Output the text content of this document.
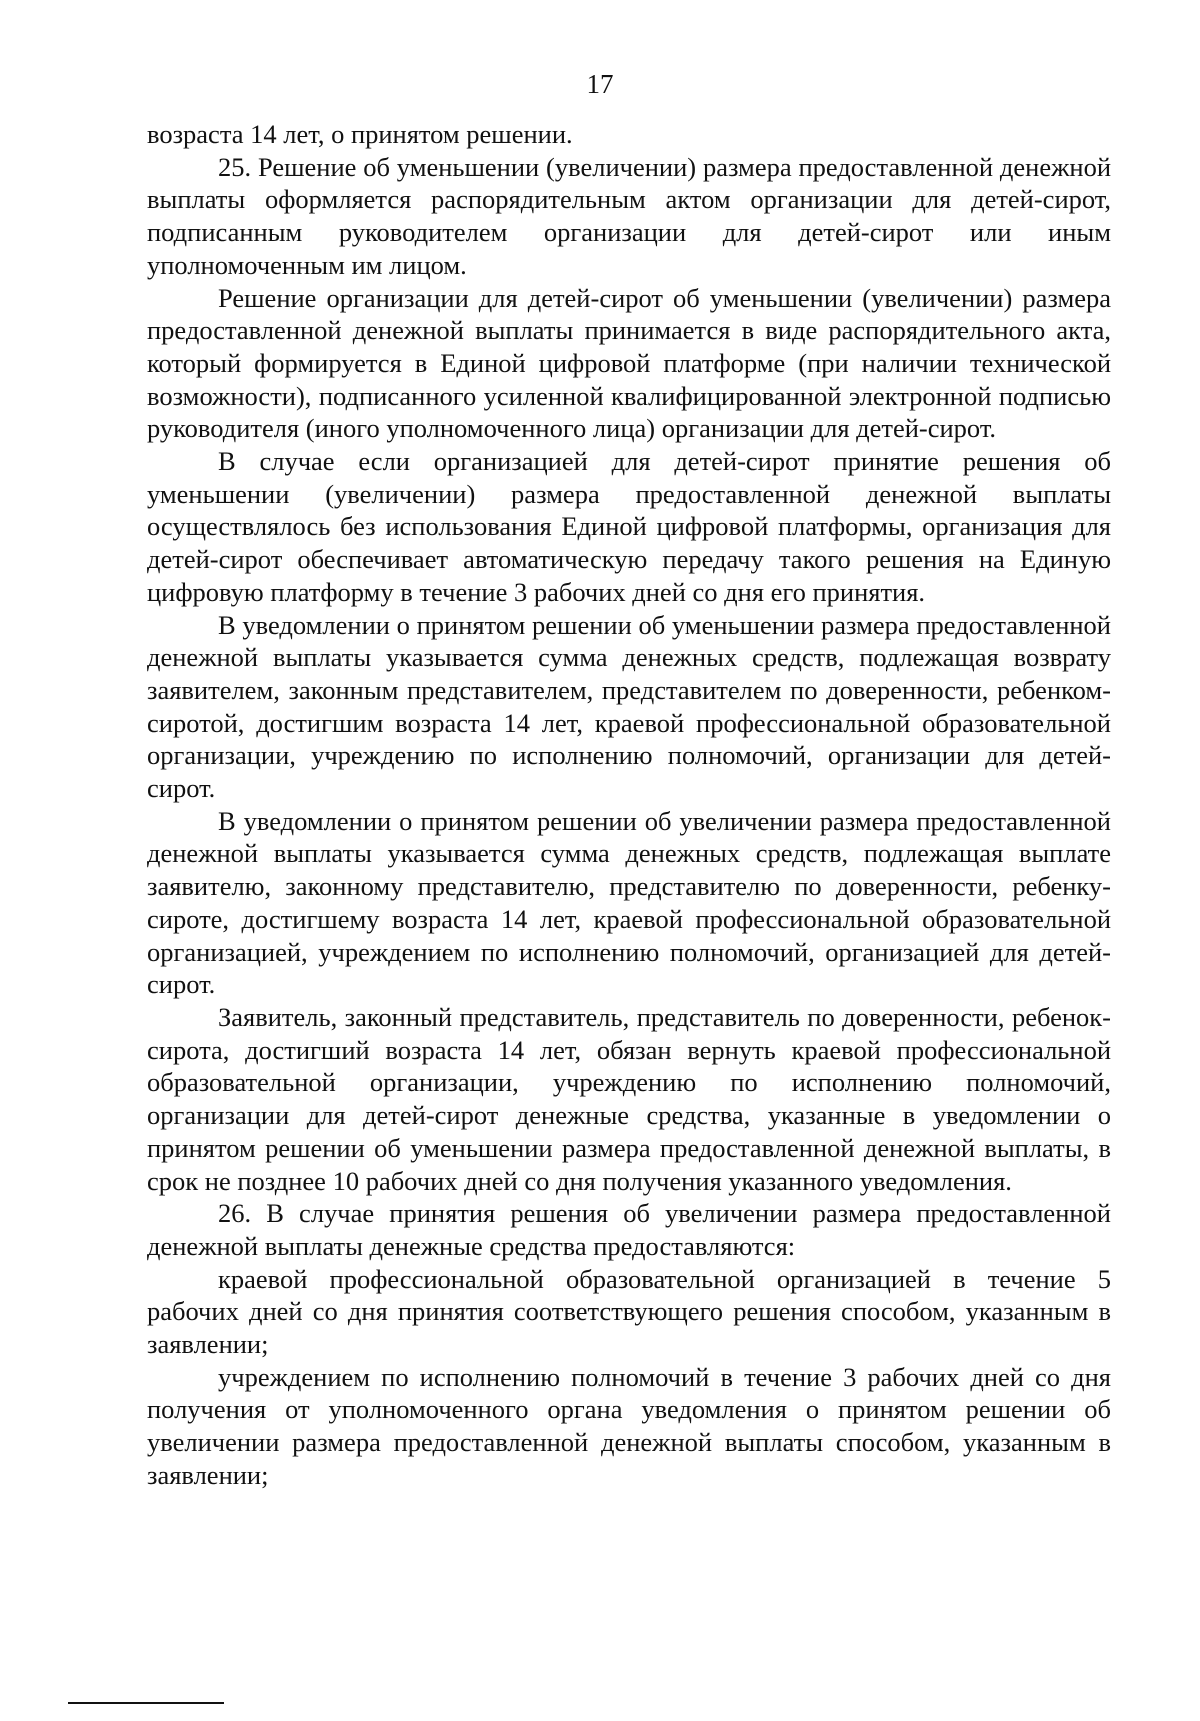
17

возраста 14 лет, о принятом решении.

25. Решение об уменьшении (увеличении) размера предоставленной денежной выплаты оформляется распорядительным актом организации для детей-сирот, подписанным руководителем организации для детей-сирот или иным уполномоченным им лицом.

Решение организации для детей-сирот об уменьшении (увеличении) размера предоставленной денежной выплаты принимается в виде распорядительного акта, который формируется в Единой цифровой платформе (при наличии технической возможности), подписанного усиленной квалифицированной электронной подписью руководителя (иного уполномоченного лица) организации для детей-сирот.

В случае если организацией для детей-сирот принятие решения об уменьшении (увеличении) размера предоставленной денежной выплаты осуществлялось без использования Единой цифровой платформы, организация для детей-сирот обеспечивает автоматическую передачу такого решения на Единую цифровую платформу в течение 3 рабочих дней со дня его принятия.

В уведомлении о принятом решении об уменьшении размера предоставленной денежной выплаты указывается сумма денежных средств, подлежащая возврату заявителем, законным представителем, представителем по доверенности, ребенком-сиротой, достигшим возраста 14 лет, краевой профессиональной образовательной организации, учреждению по исполнению полномочий, организации для детей-сирот.

В уведомлении о принятом решении об увеличении размера предоставленной денежной выплаты указывается сумма денежных средств, подлежащая выплате заявителю, законному представителю, представителю по доверенности, ребенку-сироте, достигшему возраста 14 лет, краевой профессиональной образовательной организацией, учреждением по исполнению полномочий, организацией для детей-сирот.

Заявитель, законный представитель, представитель по доверенности, ребенок-сирота, достигший возраста 14 лет, обязан вернуть краевой профессиональной образовательной организации, учреждению по исполнению полномочий, организации для детей-сирот денежные средства, указанные в уведомлении о принятом решении об уменьшении размера предоставленной денежной выплаты, в срок не позднее 10 рабочих дней со дня получения указанного уведомления.

26. В случае принятия решения об увеличении размера предоставленной денежной выплаты денежные средства предоставляются:

краевой профессиональной образовательной организацией в течение 5 рабочих дней со дня принятия соответствующего решения способом, указанным в заявлении;

учреждением по исполнению полномочий в течение 3 рабочих дней со дня получения от уполномоченного органа уведомления о принятом решении об увеличении размера предоставленной денежной выплаты способом, указанным в заявлении;
